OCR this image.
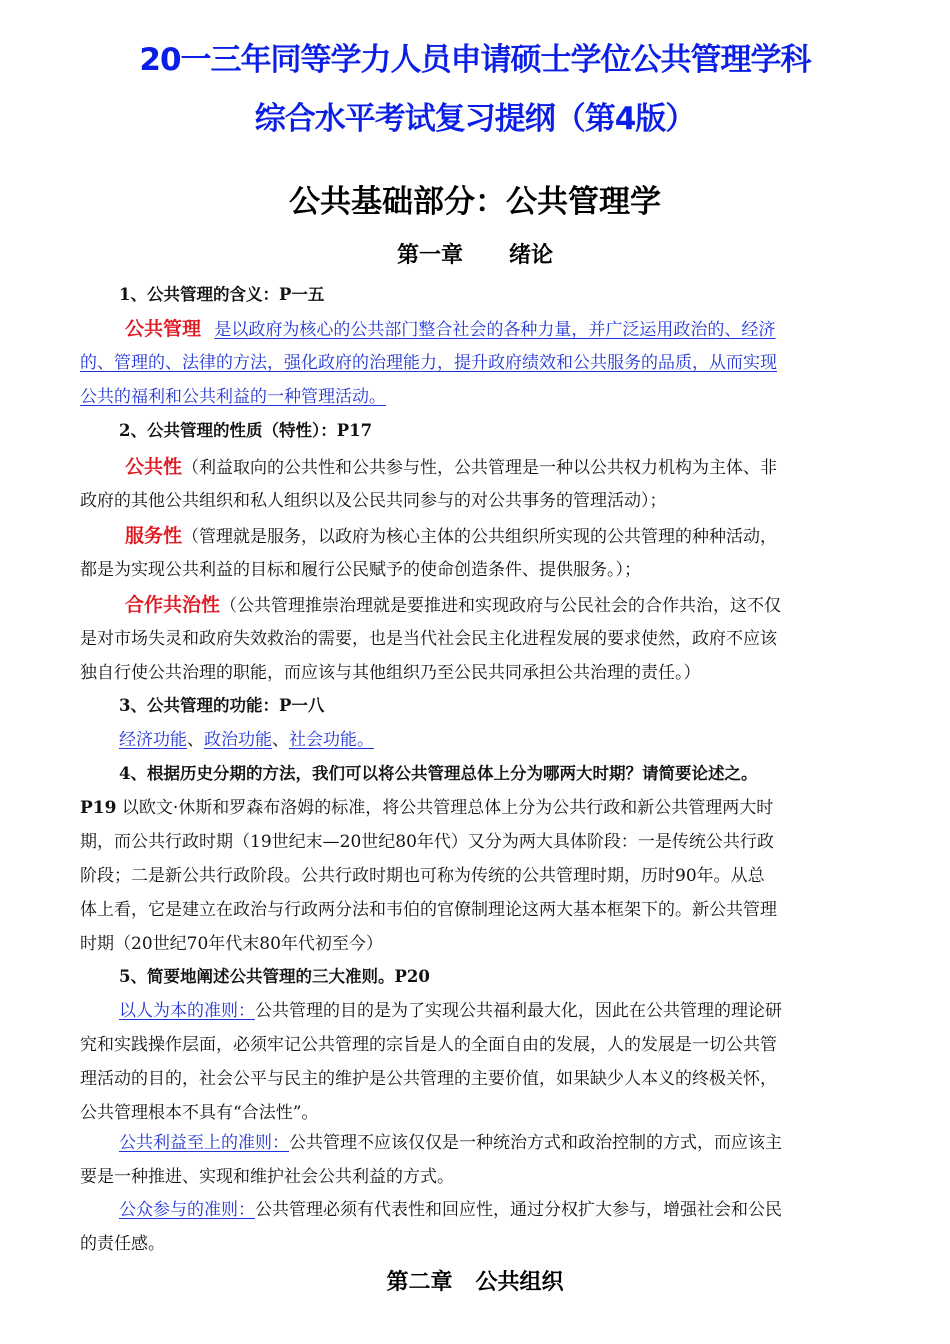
20一三年同等学力人员申请硕士学位公共管理学科
综合水平考试复习提纲（第4版）
公共基础部分：公共管理学
第一章      绪论
1、公共管理的含义：P一五
公共管理 是以政府为核心的公共部门整合社会的各种力量，并广泛运用政治的、经济
的、管理的、法律的方法，强化政府的治理能力，提升政府绩效和公共服务的品质，从而实现
公共的福利和公共利益的一种管理活动。
2、公共管理的性质（特性）：P17
公共性（利益取向的公共性和公共参与性，公共管理是一种以公共权力机构为主体、非
政府的其他公共组织和私人组织以及公民共同参与的对公共事务的管理活动）；
服务性（管理就是服务，以政府为核心主体的公共组织所实现的公共管理的种种活动，
都是为实现公共利益的目标和履行公民赋予的使命创造条件、提供服务。）；
合作共治性（公共管理推崇治理就是要推进和实现政府与公民社会的合作共治，这不仅
是对市场失灵和政府失效救治的需要，也是当代社会民主化进程发展的要求使然，政府不应该
独自行使公共治理的职能，而应该与其他组织乃至公民共同承担公共治理的责任。）
3、公共管理的功能：P一八
经济功能、政治功能、社会功能。
4、根据历史分期的方法，我们可以将公共管理总体上分为哪两大时期？请简要论述之。
P19 以欧文·休斯和罗森布洛姆的标准，将公共管理总体上分为公共行政和新公共管理两大时
期，而公共行政时期（19世纪末—20世纪80年代）又分为两大具体阶段：一是传统公共行政
阶段；二是新公共行政阶段。公共行政时期也可称为传统的公共管理时期，历时90年。从总
体上看，它是建立在政治与行政两分法和韦伯的官僚制理论这两大基本框架下的。新公共管理
时期（20世纪70年代末80年代初至今）
5、简要地阐述公共管理的三大准则。P20
以人为本的准则：公共管理的目的是为了实现公共福利最大化，因此在公共管理的理论研
究和实践操作层面，必须牢记公共管理的宗旨是人的全面自由的发展，人的发展是一切公共管
理活动的目的，社会公平与民主的维护是公共管理的主要价值，如果缺少人本义的终极关怀，
公共管理根本不具有“合法性”。
公共利益至上的准则：公共管理不应该仅仅是一种统治方式和政治控制的方式，而应该主
要是一种推进、实现和维护社会公共利益的方式。
公众参与的准则：公共管理必须有代表性和回应性，通过分权扩大参与，增强社会和公民
的责任感。
第二章   公共组织
